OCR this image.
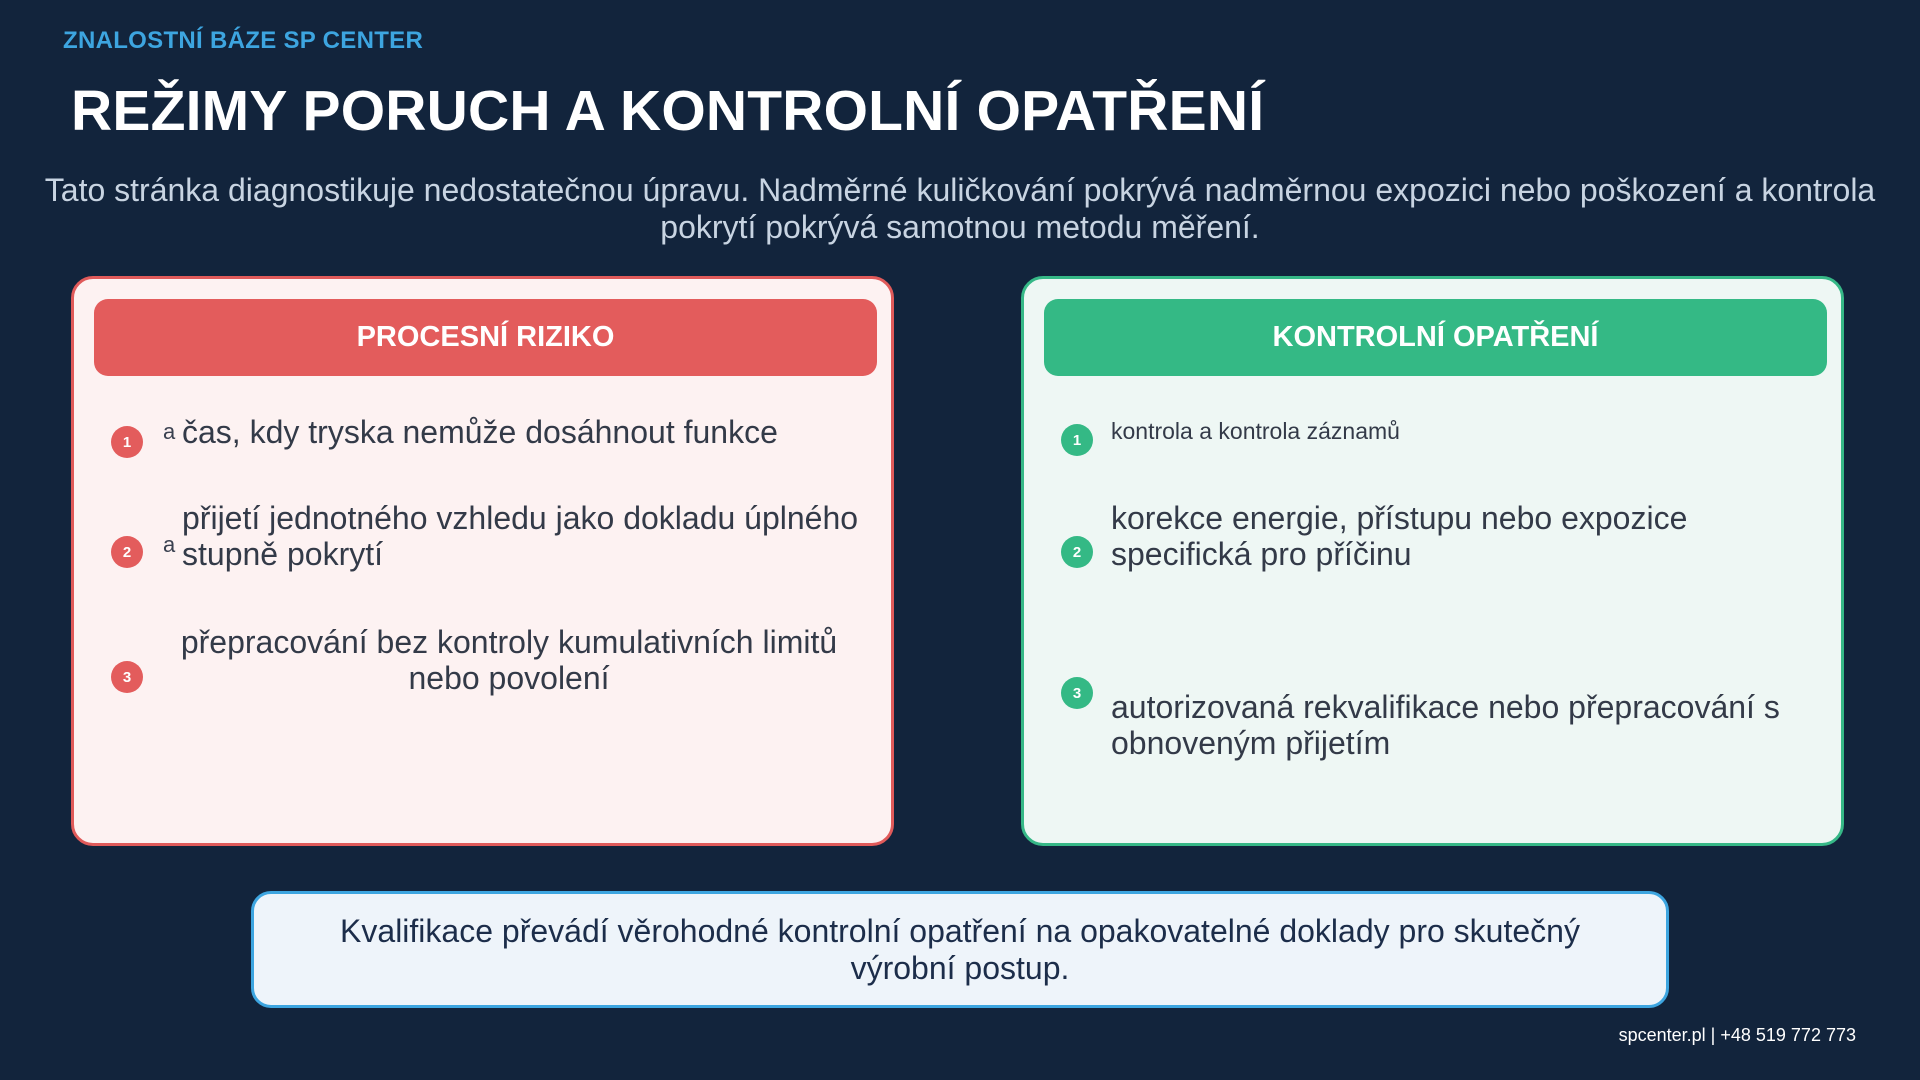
ZNALOSTNÍ BÁZE SP CENTER
REŽIMY PORUCH A KONTROLNÍ OPATŘENÍ
Tato stránka diagnostikuje nedostatečnou úpravu. Nadměrné kuličkování pokrývá nadměrnou expozici nebo poškození a kontrola pokrytí pokrývá samotnou metodu měření.
PROCESNÍ RIZIKO
1	a čas, kdy tryska nemůže dosáhnout funkce
2	a
přijetí jednotného vzhledu jako dokladu úplného stupně pokrytí
3
přepracování bez kontroly kumulativních limitů nebo povolení
KONTROLNÍ OPATŘENÍ
1	kontrola a kontrola záznamů
2
korekce energie, přístupu nebo expozice specifická pro příčinu
3 autorizovaná rekvalifikace nebo přepracování s obnoveným přijetím
Kvalifikace převádí věrohodné kontrolní opatření na opakovatelné doklady pro skutečný výrobní postup.
spcenter.pl | +48 519 772 773
